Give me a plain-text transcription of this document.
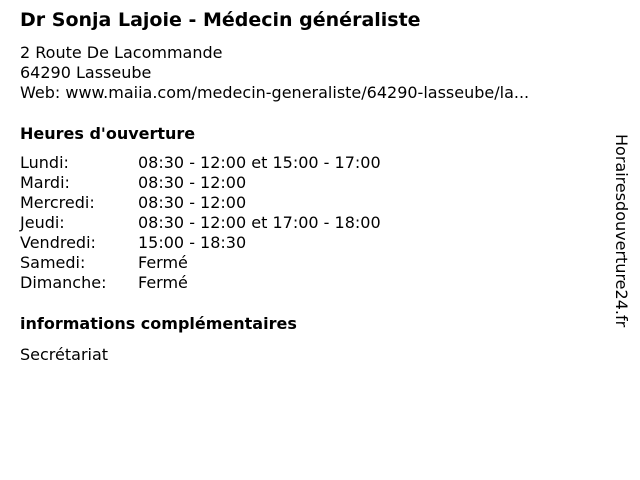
Dr Sonja Lajoie - Médecin généraliste
2 Route De Lacommande
64290 Lasseube
Web: www.maiia.com/medecin-generaliste/64290-lasseube/la...
Heures d'ouverture
Lundi:	08:30 - 12:00 et 15:00 - 17:00
Mardi:	08:30 - 12:00
Mercredi:	08:30 - 12:00
Jeudi:	08:30 - 12:00 et 17:00 - 18:00
Vendredi:	15:00 - 18:30
Samedi:	Fermé
Dimanche: Fermé
informations complémentaires
Secrétariat
Horairesdouverture24.fr
